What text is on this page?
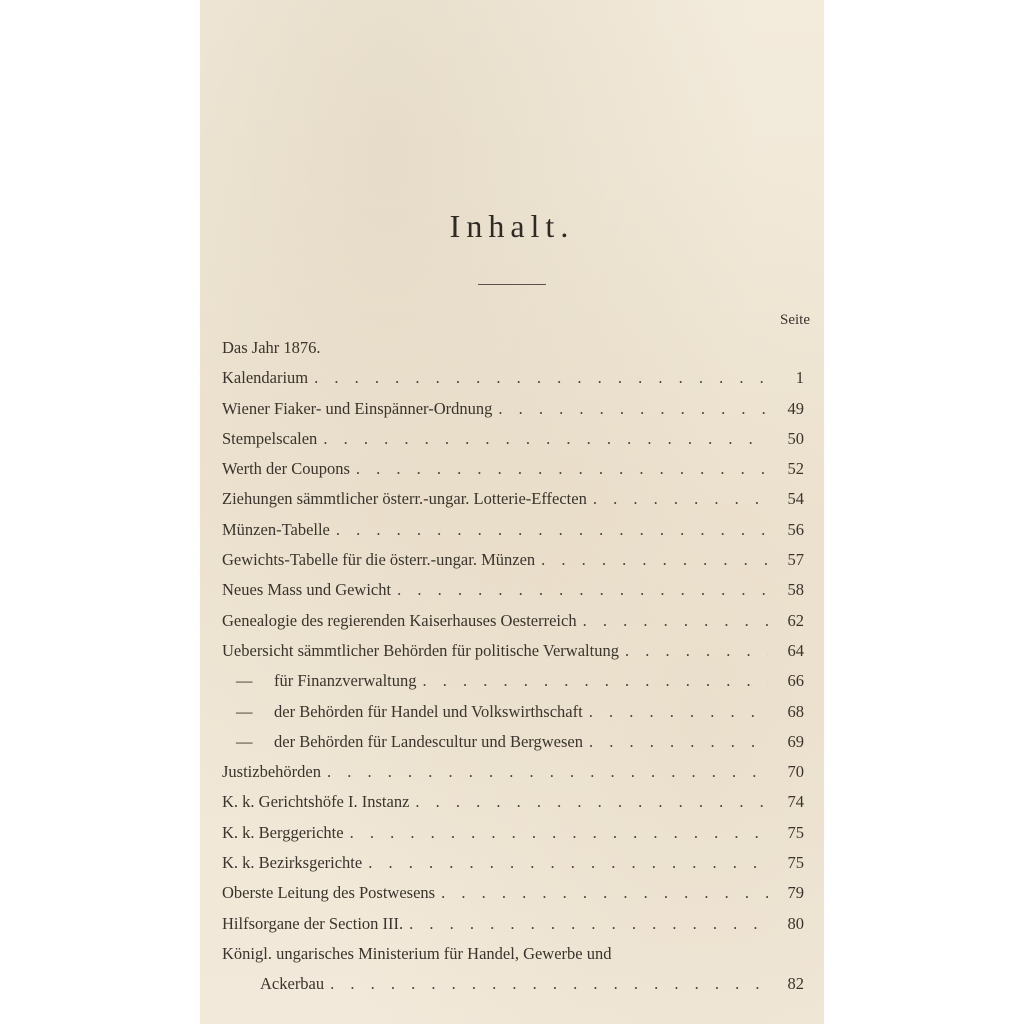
Inhalt.
Seite
Das Jahr 1876.
Kalendarium . . .	1
Wiener Fiaker- und Einspänner-Ordnung . . .	49
Stempelscalen . . .	50
Werth der Coupons . . .	52
Ziehungen sämmtlicher österr.-ungar. Lotterie-Effecten . . .	54
Münzen-Tabelle . . .	56
Gewichts-Tabelle für die österr.-ungar. Münzen . . .	57
Neues Mass und Gewicht . . .	58
Genealogie des regierenden Kaiserhauses Oesterreich . . .	62
Uebersicht sämmtlicher Behörden für politische Verwaltung . . .	64
— für Finanzverwaltung . . .	66
— der Behörden für Handel und Volkswirthschaft . . .	68
— der Behörden für Landescultur und Bergwesen . . .	69
Justizbehörden . . .	70
K. k. Gerichtshöfe I. Instanz . . .	74
K. k. Berggerichte . . .	75
K. k. Bezirksgerichte . . .	75
Oberste Leitung des Postwesens . . .	79
Hilfsorgane der Section III. . . .	80
Königl. ungarisches Ministerium für Handel, Gewerbe und
Ackerbau . . .	82
